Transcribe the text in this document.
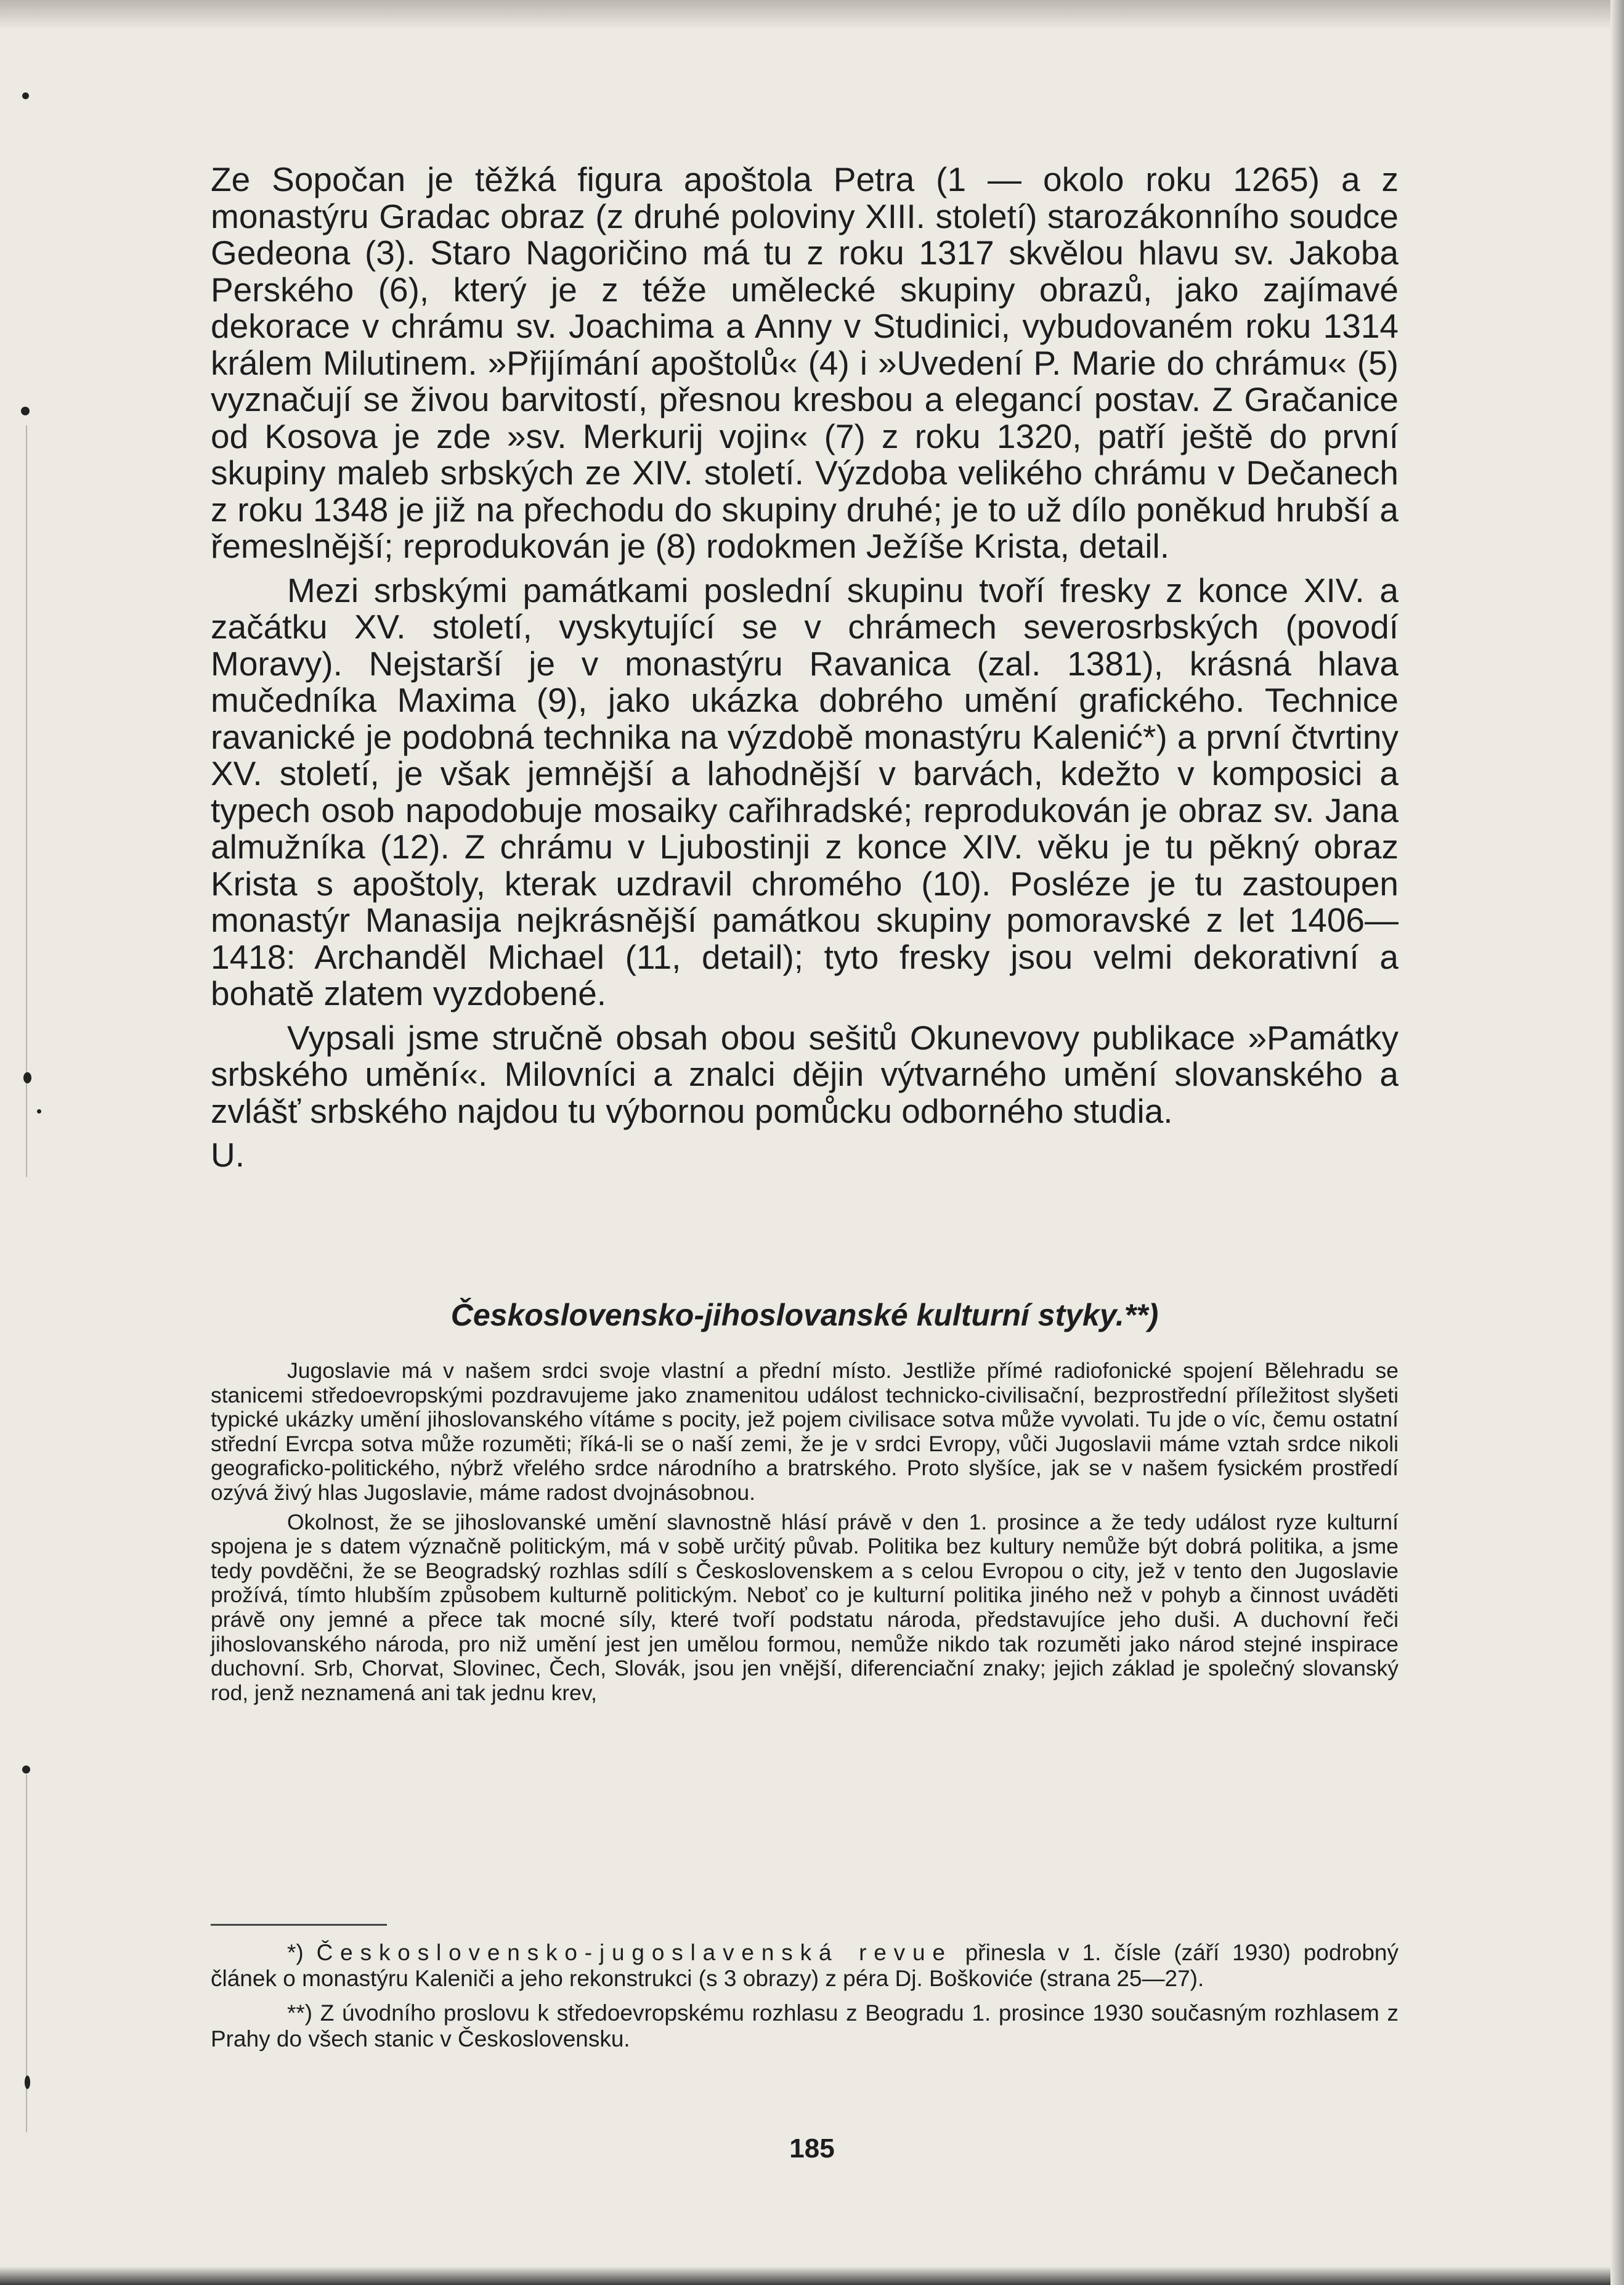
Ze Sopočan je těžká figura apoštola Petra (1 — okolo roku 1265) a z monastýru Gradac obraz (z druhé poloviny XIII. století) starozákonního soudce Gedeona (3). Staro Nagoričino má tu z roku 1317 skvělou hlavu sv. Jakoba Perského (6), který je z téže umělecké skupiny obrazů, jako zajímavé dekorace v chrámu sv. Joachima a Anny v Studinici, vybudovaném roku 1314 králem Milutinem. »Přijímání apoštolů« (4) i »Uvedení P. Marie do chrámu« (5) vyznačují se živou barvitostí, přesnou kresbou a elegancí postav. Z Gračanice od Kosova je zde »sv. Merkurij vojin« (7) z roku 1320, patří ještě do první skupiny maleb srbských ze XIV. století. Výzdoba velikého chrámu v Dečanech z roku 1348 je již na přechodu do skupiny druhé; je to už dílo poněkud hrubší a řemeslnější; reprodukován je (8) rodokmen Ježíše Krista, detail.

Mezi srbskými památkami poslední skupinu tvoří fresky z konce XIV. a začátku XV. století, vyskytující se v chrámech severosrbských (povodí Moravy). Nejstarší je v monastýru Ravanica (zal. 1381), krásná hlava mučedníka Maxima (9), jako ukázka dobrého umění grafického. Technice ravanické je podobná technika na výzdobě monastýru Kalenić*) a první čtvrtiny XV. století, je však jemnější a lahodnější v barvách, kdežto v komposici a typech osob napodobuje mosaiky cařihradské; reprodukován je obraz sv. Jana almužníka (12). Z chrámu v Ljubostinji z konce XIV. věku je tu pěkný obraz Krista s apoštoly, kterak uzdravil chromého (10). Posléze je tu zastoupen monastýr Manasija nejkrásnější památkou skupiny pomoravské z let 1406—1418: Archanděl Michael (11, detail); tyto fresky jsou velmi dekorativní a bohatě zlatem vyzdobené.

Vypsali jsme stručně obsah obou sešitů Okunevovy publikace »Památky srbského umění«. Milovníci a znalci dějin výtvarného umění slovanského a zvlášť srbského najdou tu výbornou pomůcku odborného studia.

U.
Československo-jihoslovanské kulturní styky.**)

Jugoslavie má v našem srdci svoje vlastní a přední místo. Jestliže přímé radiofonické spojení Bělehradu se stanicemi středoevropskými pozdravujeme jako znamenitou událost technicko-civilisační, bezprostřední příležitost slyšeti typické ukázky umění jihoslovanského vítáme s pocity, jež pojem civilisace sotva může vyvolati. Tu jde o víc, čemu ostatní střední Evrcpa sotva může rozuměti; říká-li se o naší zemi, že je v srdci Evropy, vůči Jugoslavii máme vztah srdce nikoli geograficko-politického, nýbrž vřelého srdce národního a bratrského. Proto slyšíce, jak se v našem fysickém prostředí ozývá živý hlas Jugoslavie, máme radost dvojnásobnou.

Okolnost, že se jihoslovanské umění slavnostně hlásí právě v den 1. prosince a že tedy událost ryze kulturní spojena je s datem význačně politickým, má v sobě určitý půvab. Politika bez kultury nemůže být dobrá politika, a jsme tedy povděčni, že se Beogradský rozhlas sdílí s Československem a s celou Evropou o city, jež v tento den Jugoslavie prožívá, tímto hlubším způsobem kulturně politickým. Neboť co je kulturní politika jiného než v pohyb a činnost uváděti právě ony jemné a přece tak mocné síly, které tvoří podstatu národa, představujíce jeho duši. A duchovní řeči jihoslovanského národa, pro niž umění jest jen umělou formou, nemůže nikdo tak rozuměti jako národ stejné inspirace duchovní. Srb, Chorvat, Slovinec, Čech, Slovák, jsou jen vnější, diferenciační znaky; jejich základ je společný slovanský rod, jenž neznamená ani tak jednu krev,

*) Československo-jugoslavenská revue přinesla v 1. čísle (září 1930) podrobný článek o monastýru Kaleniči a jeho rekonstrukci (s 3 obrazy) z péra Dj. Boškoviće (strana 25—27).

**) Z úvodního proslovu k středoevropskému rozhlasu z Beogradu 1. prosince 1930 současným rozhlasem z Prahy do všech stanic v Československu.

185
